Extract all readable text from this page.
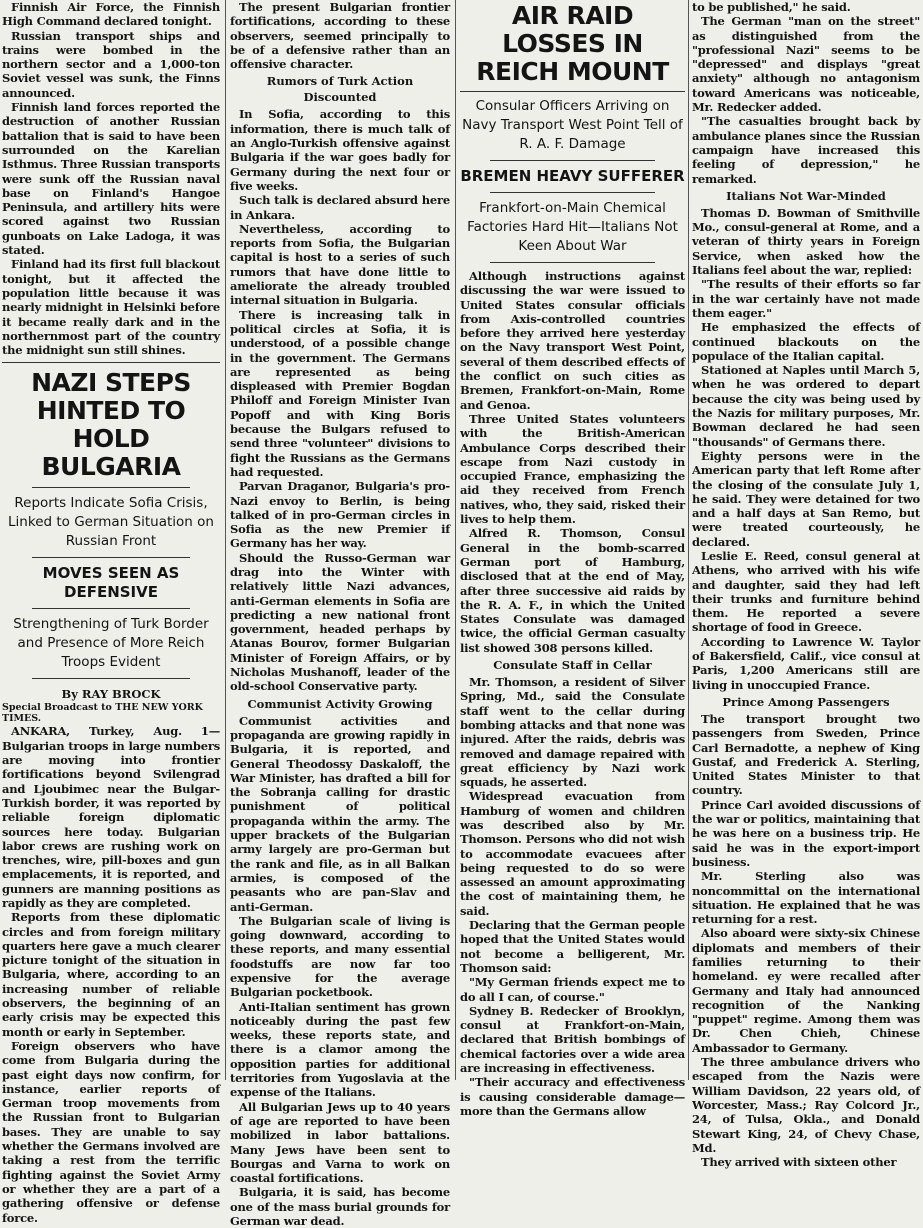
Finnish Air Force, the Finnish High Command declared tonight.

Russian transport ships and trains were bombed in the northern sector and a 1,000-ton Soviet vessel was sunk, the Finns announced.

Finnish land forces reported the destruction of another Russian battalion that is said to have been surrounded on the Karelian Isthmus. Three Russian transports were sunk off the Russian naval base on Finland's Hangoe Peninsula, and artillery hits were scored against two Russian gunboats on Lake Ladoga, it was stated.

Finland had its first full blackout tonight, but it affected the population little because it was nearly midnight in Helsinki before it became really dark and in the northernmost part of the country the midnight sun still shines.

NAZI STEPS HINTED TO HOLD BULGARIA
Reports Indicate Sofia Crisis, Linked to German Situation on Russian Front
MOVES SEEN AS DEFENSIVE
Strengthening of Turk Border and Presence of More Reich Troops Evident
By RAY BROCK
Special Broadcast to THE NEW YORK TIMES.

ANKARA, Turkey, Aug. 1— Bulgarian troops in large numbers are moving into frontier fortifications beyond Svilengrad and Ljoubimec near the Bulgar-Turkish border, it was reported by reliable foreign diplomatic sources here today. Bulgarian labor crews are rushing work on trenches, wire, pill-boxes and gun emplacements, it is reported, and gunners are manning positions as rapidly as they are completed.

Reports from these diplomatic circles and from foreign military quarters here gave a much clearer picture tonight of the situation in Bulgaria, where, according to an increasing number of reliable observers, the beginning of an early crisis may be expected this month or early in September.

Foreign observers who have come from Bulgaria during the past eight days now confirm, for instance, earlier reports of German troop movements from the Russian front to Bulgarian bases. They are unable to say whether the Germans involved are taking a rest from the terrific fighting against the Soviet Army or whether they are a part of a gathering offensive or defense force.

The present Bulgarian frontier fortifications, according to these observers, seemed principally to be of a defensive rather than an offensive character.

Rumors of Turk Action Discounted

In Sofia, according to this information, there is much talk of an Anglo-Turkish offensive against Bulgaria if the war goes badly for Germany during the next four or five weeks.

Such talk is declared absurd here in Ankara.

Nevertheless, according to reports from Sofia, the Bulgarian capital is host to a series of such rumors that have done little to ameliorate the already troubled internal situation in Bulgaria.

There is increasing talk in political circles at Sofia, it is understood, of a possible change in the government. The Germans are represented as being displeased with Premier Bogdan Philoff and Foreign Minister Ivan Popoff and with King Boris because the Bulgars refused to send three "volunteer" divisions to fight the Russians as the Germans had requested.

Parvan Draganor, Bulgaria's pro-Nazi envoy to Berlin, is being talked of in pro-German circles in Sofia as the new Premier if Germany has her way.

Should the Russo-German war drag into the Winter with relatively little Nazi advances, anti-German elements in Sofia are predicting a new national front government, headed perhaps by Atanas Bourov, former Bulgarian Minister of Foreign Affairs, or by Nicholas Mushanoff, leader of the old-school Conservative party.

Communist Activity Growing

Communist activities and propaganda are growing rapidly in Bulgaria, it is reported, and General Theodossy Daskaloff, the War Minister, has drafted a bill for the Sobranja calling for drastic punishment of political propaganda within the army. The upper brackets of the Bulgarian army largely are pro-German but the rank and file, as in all Balkan armies, is composed of the peasants who are pan-Slav and anti-German.

The Bulgarian scale of living is going downward, according to these reports, and many essential foodstuffs are now far too expensive for the average Bulgarian pocketbook.

Anti-Italian sentiment has grown noticeably during the past few weeks, these reports state, and there is a clamor among the opposition parties for additional territories from Yugoslavia at the expense of the Italians.

All Bulgarian Jews up to 40 years of age are reported to have been mobilized in labor battalions. Many Jews have been sent to Bourgas and Varna to work on coastal fortifications.

Bulgaria, it is said, has become one of the mass burial grounds for German war dead.

AIR RAID LOSSES IN REICH MOUNT
Consular Officers Arriving on Navy Transport West Point Tell of R. A. F. Damage
BREMEN HEAVY SUFFERER
Frankfort-on-Main Chemical Factories Hard Hit—Italians Not Keen About War

Although instructions against discussing the war were issued to United States consular officials from Axis-controlled countries before they arrived here yesterday on the Navy transport West Point, several of them described effects of the conflict on such cities as Bremen, Frankfort-on-Main, Rome and Genoa.

Three United States volunteers with the British-American Ambulance Corps described their escape from Nazi custody in occupied France, emphasizing the aid they received from French natives, who, they said, risked their lives to help them.

Alfred R. Thomson, Consul General in the bomb-scarred German port of Hamburg, disclosed that at the end of May, after three successive aid raids by the R. A. F., in which the United States Consulate was damaged twice, the official German casualty list showed 308 persons killed.

Consulate Staff in Cellar

Mr. Thomson, a resident of Silver Spring, Md., said the Consulate staff went to the cellar during bombing attacks and that none was injured. After the raids, debris was removed and damage repaired with great efficiency by Nazi work squads, he asserted.

Widespread evacuation from Hamburg of women and children was described also by Mr. Thomson. Persons who did not wish to accommodate evacuees after being requested to do so were assessed an amount approximating the cost of maintaining them, he said.

Declaring that the German people hoped that the United States would not become a belligerent, Mr. Thomson said:

"My German friends expect me to do all I can, of course."

Sydney B. Redecker of Brooklyn, consul at Frankfort-on-Main, declared that British bombings of chemical factories over a wide area are increasing in effectiveness.

"Their accuracy and effectiveness is causing considerable damage—more than the Germans allow

to be published," he said.

The German "man on the street" as distinguished from the "professional Nazi" seems to be "depressed" and displays "great anxiety" although no antagonism toward Americans was noticeable, Mr. Redecker added.

"The casualties brought back by ambulance planes since the Russian campaign have increased this feeling of depression," he remarked.

Italians Not War-Minded

Thomas D. Bowman of Smithville Mo., consul-general at Rome, and a veteran of thirty years in Foreign Service, when asked how the Italians feel about the war, replied:

"The results of their efforts so far in the war certainly have not made them eager."

He emphasized the effects of continued blackouts on the populace of the Italian capital.

Stationed at Naples until March 5, when he was ordered to depart because the city was being used by the Nazis for military purposes, Mr. Bowman declared he had seen "thousands" of Germans there.

Eighty persons were in the American party that left Rome after the closing of the consulate July 1, he said. They were detained for two and a half days at San Remo, but were treated courteously, he declared.

Leslie E. Reed, consul general at Athens, who arrived with his wife and daughter, said they had left their trunks and furniture behind them. He reported a severe shortage of food in Greece.

According to Lawrence W. Taylor of Bakersfield, Calif., vice consul at Paris, 1,200 Americans still are living in unoccupied France.

Prince Among Passengers

The transport brought two passengers from Sweden, Prince Carl Bernadotte, a nephew of King Gustaf, and Frederick A. Sterling, United States Minister to that country.

Prince Carl avoided discussions of the war or politics, maintaining that he was here on a business trip. He said he was in the export-import business.

Mr. Sterling also was noncommittal on the international situation. He explained that he was returning for a rest.

Also aboard were sixty-six Chinese diplomats and members of their families returning to their homeland. ey were recalled after Germany and Italy had announced recognition of the Nanking "puppet" regime. Among them was Dr. Chen Chieh, Chinese Ambassador to Germany.

The three ambulance drivers who escaped from the Nazis were William Davidson, 22 years old, of Worcester, Mass.; Ray Colcord Jr., 24, of Tulsa, Okla., and Donald Stewart King, 24, of Chevy Chase, Md.

They arrived with sixteen other
